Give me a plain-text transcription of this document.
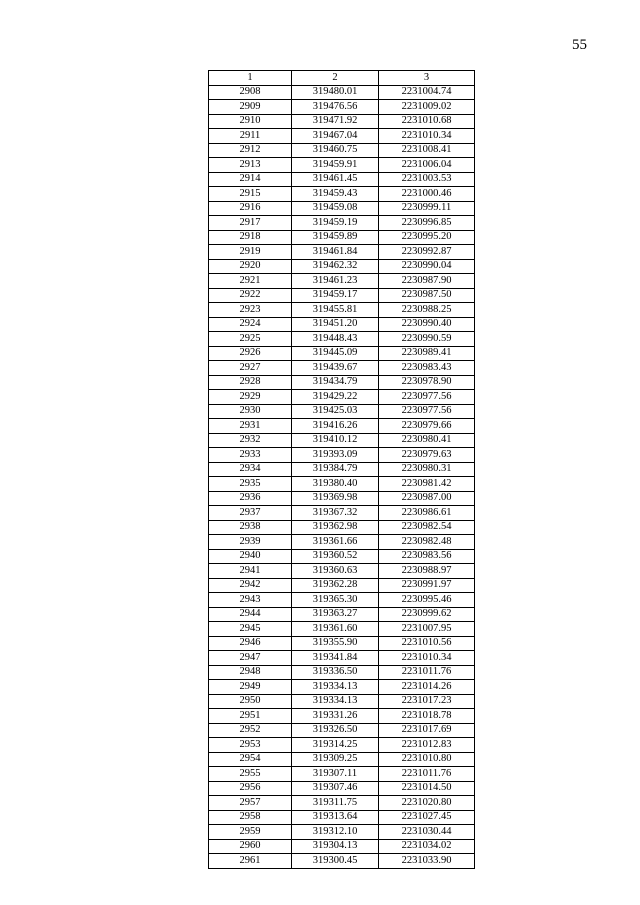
55
1	2	3
2908	319480.01	2231004.74
2909	319476.56	2231009.02
2910	319471.92	2231010.68
2911	319467.04	2231010.34
2912	319460.75	2231008.41
2913	319459.91	2231006.04
2914	319461.45	2231003.53
2915	319459.43	2231000.46
2916	319459.08	2230999.11
2917	319459.19	2230996.85
2918	319459.89	2230995.20
2919	319461.84	2230992.87
2920	319462.32	2230990.04
2921	319461.23	2230987.90
2922	319459.17	2230987.50
2923	319455.81	2230988.25
2924	319451.20	2230990.40
2925	319448.43	2230990.59
2926	319445.09	2230989.41
2927	319439.67	2230983.43
2928	319434.79	2230978.90
2929	319429.22	2230977.56
2930	319425.03	2230977.56
2931	319416.26	2230979.66
2932	319410.12	2230980.41
2933	319393.09	2230979.63
2934	319384.79	2230980.31
2935	319380.40	2230981.42
2936	319369.98	2230987.00
2937	319367.32	2230986.61
2938	319362.98	2230982.54
2939	319361.66	2230982.48
2940	319360.52	2230983.56
2941	319360.63	2230988.97
2942	319362.28	2230991.97
2943	319365.30	2230995.46
2944	319363.27	2230999.62
2945	319361.60	2231007.95
2946	319355.90	2231010.56
2947	319341.84	2231010.34
2948	319336.50	2231011.76
2949	319334.13	2231014.26
2950	319334.13	2231017.23
2951	319331.26	2231018.78
2952	319326.50	2231017.69
2953	319314.25	2231012.83
2954	319309.25	2231010.80
2955	319307.11	2231011.76
2956	319307.46	2231014.50
2957	319311.75	2231020.80
2958	319313.64	2231027.45
2959	319312.10	2231030.44
2960	319304.13	2231034.02
2961	319300.45	2231033.90
